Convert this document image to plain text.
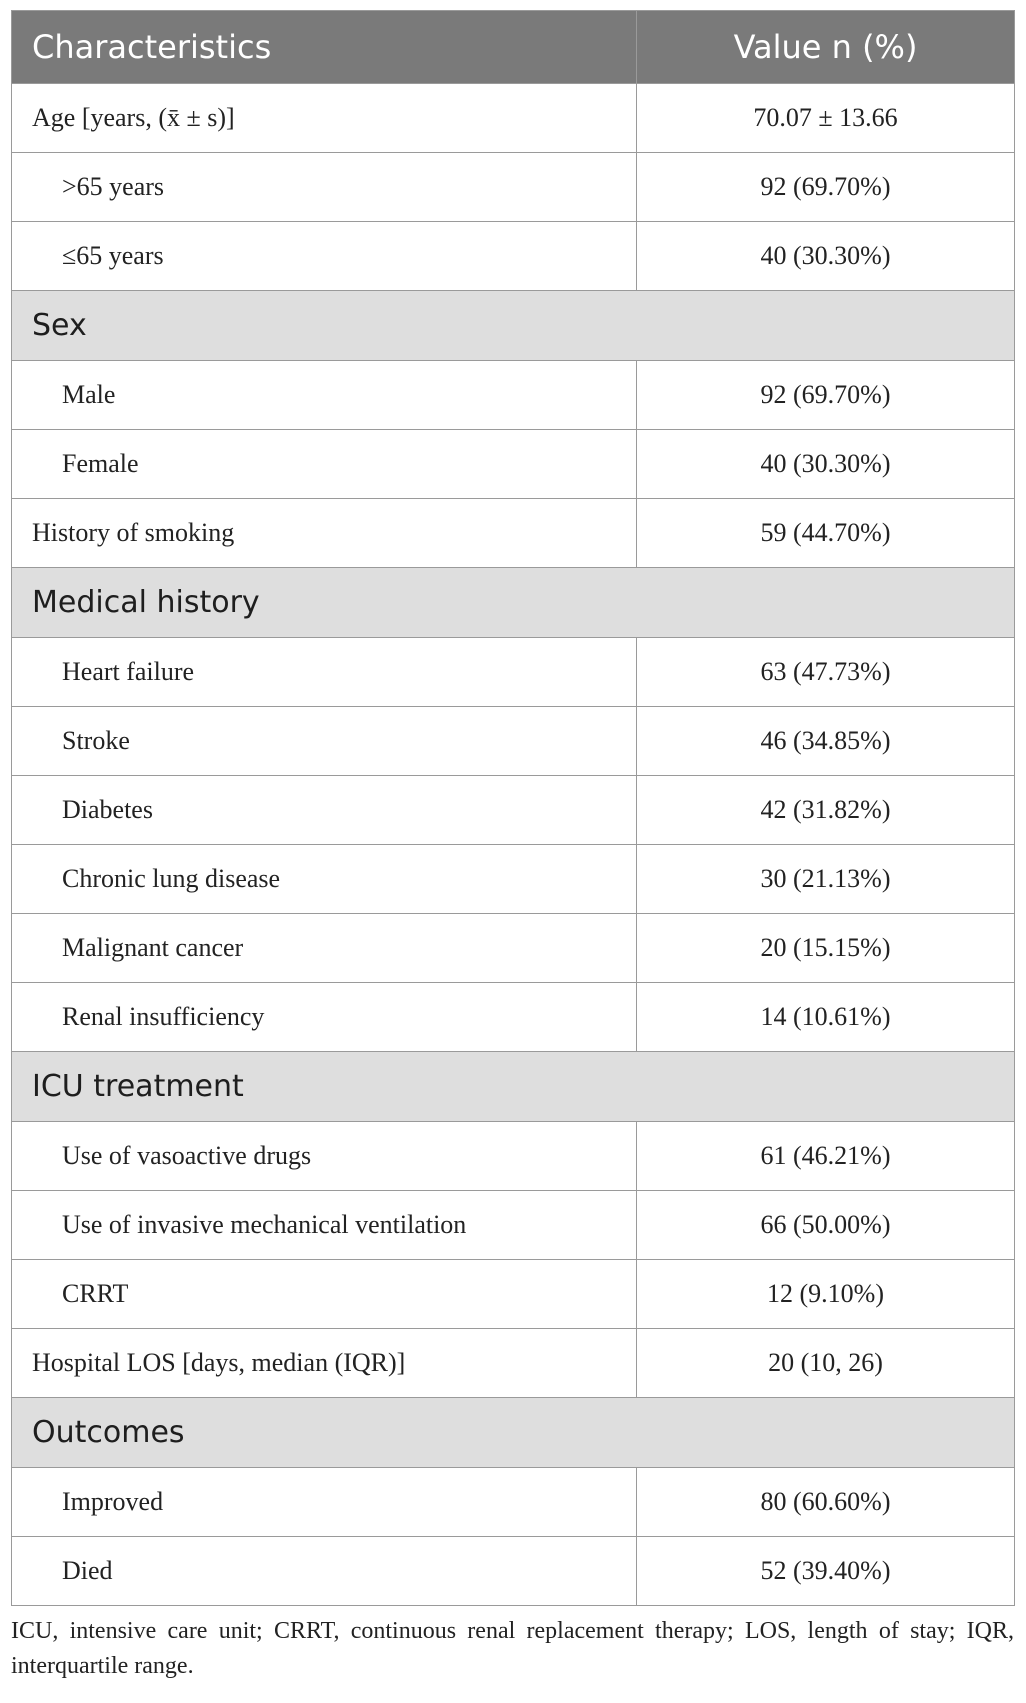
Characteristics	Value n (%)
Age [years, (x̄ ± s)]	70.07 ± 13.66
>65 years	92 (69.70%)
≤65 years	40 (30.30%)
Sex	
Male	92 (69.70%)
Female	40 (30.30%)
History of smoking	59 (44.70%)
Medical history	
Heart failure	63 (47.73%)
Stroke	46 (34.85%)
Diabetes	42 (31.82%)
Chronic lung disease	30 (21.13%)
Malignant cancer	20 (15.15%)
Renal insufficiency	14 (10.61%)
ICU treatment	
Use of vasoactive drugs	61 (46.21%)
Use of invasive mechanical ventilation	66 (50.00%)
CRRT	12 (9.10%)
Hospital LOS [days, median (IQR)]	20 (10, 26)
Outcomes	
Improved	80 (60.60%)
Died	52 (39.40%)
ICU, intensive care unit; CRRT, continuous renal replacement therapy; LOS, length of stay; IQR, interquartile range.
